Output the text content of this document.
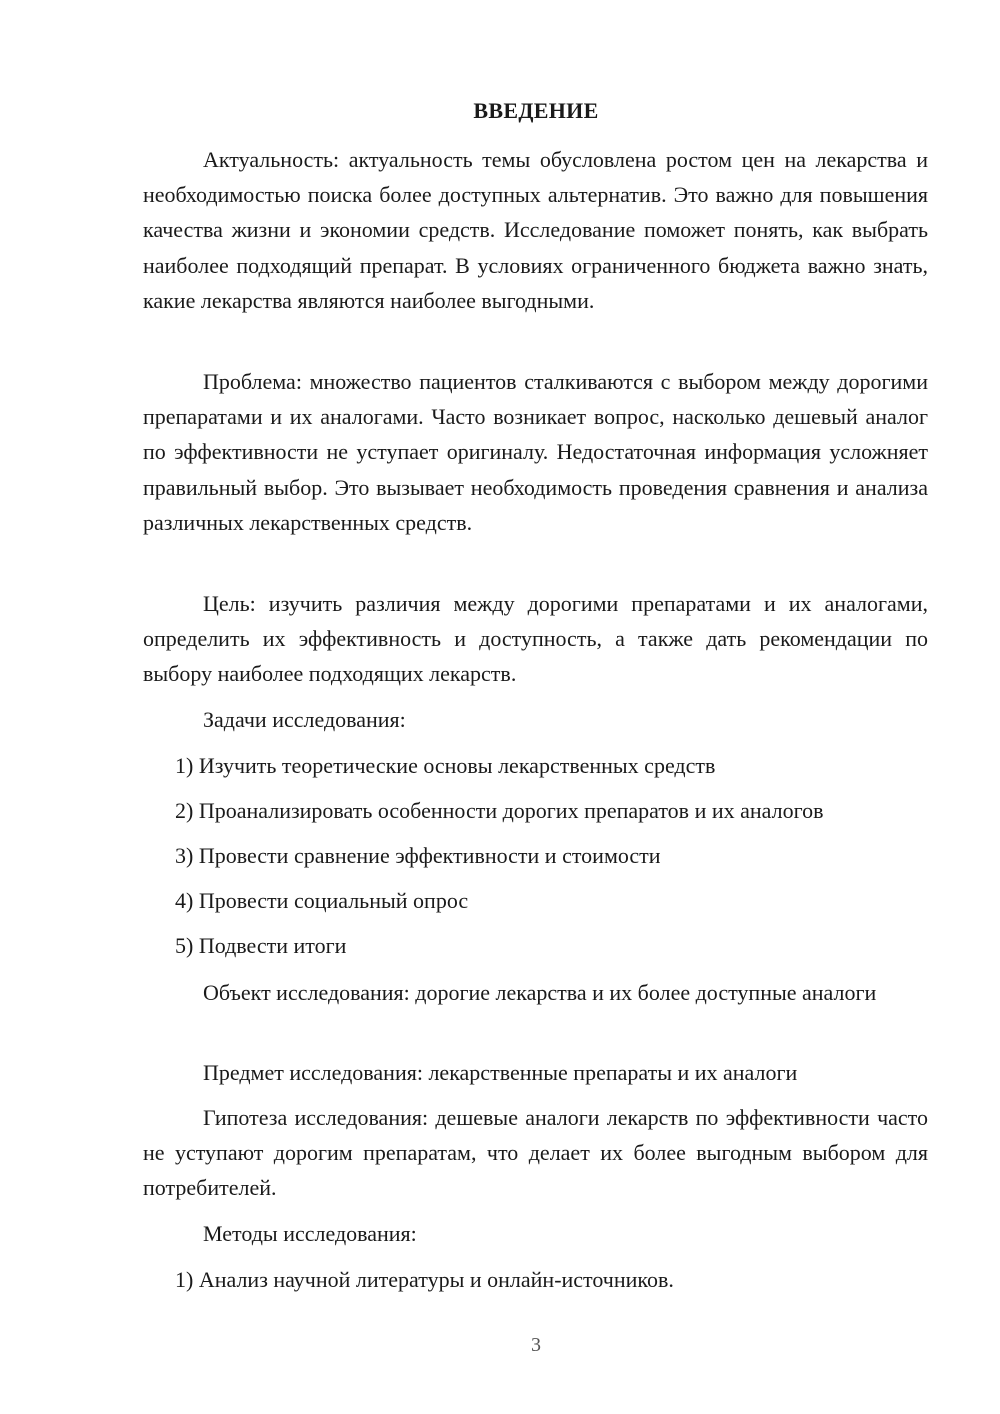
ВВЕДЕНИЕ

Актуальность: актуальность темы обусловлена ростом цен на лекарства и необходимостью поиска более доступных альтернатив. Это важно для повышения качества жизни и экономии средств. Исследование поможет понять, как выбрать наиболее подходящий препарат. В условиях ограниченного бюджета важно знать, какие лекарства являются наиболее выгодными.

Проблема: множество пациентов сталкиваются с выбором между дорогими препаратами и их аналогами. Часто возникает вопрос, насколько дешевый аналог по эффективности не уступает оригиналу. Недостаточная информация усложняет правильный выбор. Это вызывает необходимость проведения сравнения и анализа различных лекарственных средств.

Цель: изучить различия между дорогими препаратами и их аналогами, определить их эффективность и доступность, а также дать рекомендации по выбору наиболее подходящих лекарств.

Задачи исследования:

1) Изучить теоретические основы лекарственных средств

2) Проанализировать особенности дорогих препаратов и их аналогов

3) Провести сравнение эффективности и стоимости

4) Провести социальный опрос

5) Подвести итоги

Объект исследования: дорогие лекарства и их более доступные аналоги

Предмет исследования: лекарственные препараты и их аналоги

Гипотеза исследования: дешевые аналоги лекарств по эффективности часто не уступают дорогим препаратам, что делает их более выгодным выбором для потребителей.

Методы исследования:

1) Анализ научной литературы и онлайн-источников.

3
